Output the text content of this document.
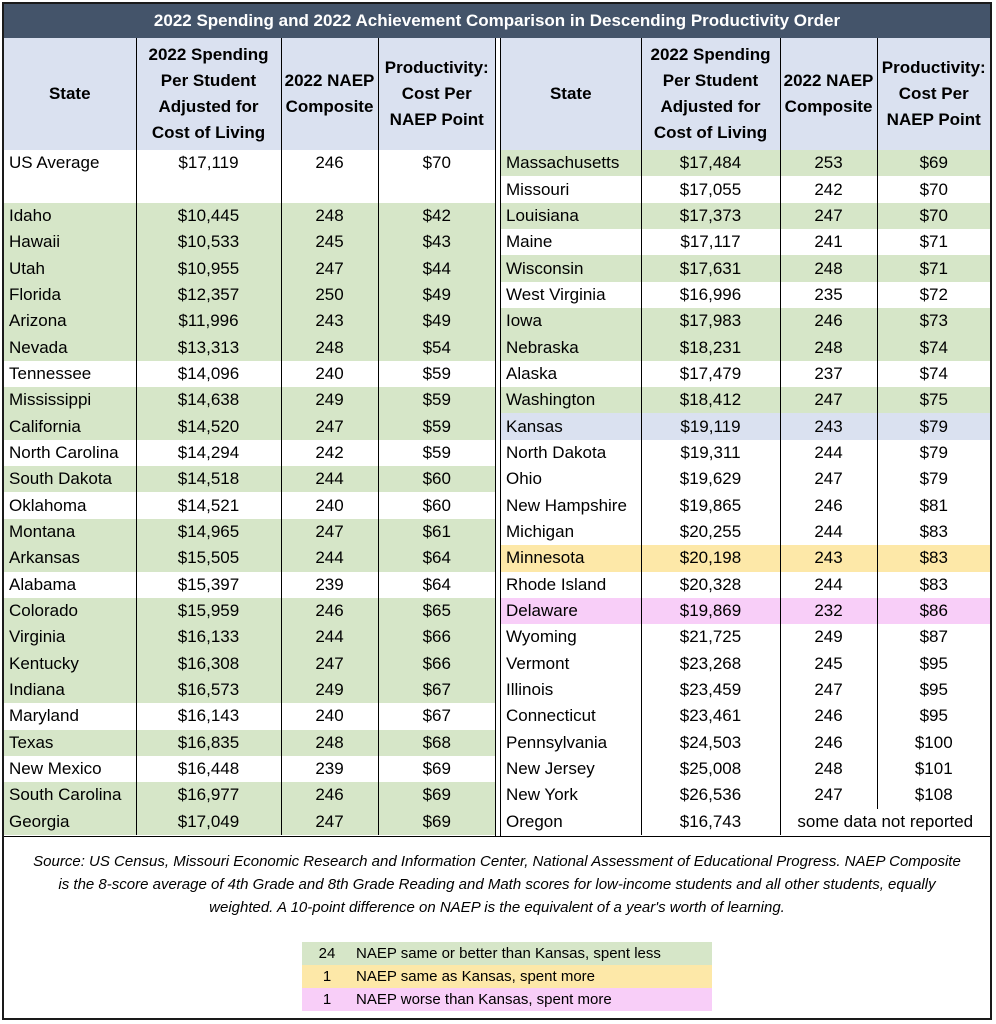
2022 Spending and 2022 Achievement Comparison in Descending Productivity Order
State	2022 Spending Per Student Adjusted for Cost of Living	2022 NAEP Composite	Productivity: Cost Per NAEP Point
US Average	$17,119	246	$70

Idaho	$10,445	248	$42
Hawaii	$10,533	245	$43
Utah	$10,955	247	$44
Florida	$12,357	250	$49
Arizona	$11,996	243	$49
Nevada	$13,313	248	$54
Tennessee	$14,096	240	$59
Mississippi	$14,638	249	$59
California	$14,520	247	$59
North Carolina	$14,294	242	$59
South Dakota	$14,518	244	$60
Oklahoma	$14,521	240	$60
Montana	$14,965	247	$61
Arkansas	$15,505	244	$64
Alabama	$15,397	239	$64
Colorado	$15,959	246	$65
Virginia	$16,133	244	$66
Kentucky	$16,308	247	$66
Indiana	$16,573	249	$67
Maryland	$16,143	240	$67
Texas	$16,835	248	$68
New Mexico	$16,448	239	$69
South Carolina	$16,977	246	$69
Georgia	$17,049	247	$69
State	2022 Spending Per Student Adjusted for Cost of Living	2022 NAEP Composite	Productivity: Cost Per NAEP Point
Massachusetts	$17,484	253	$69
Missouri	$17,055	242	$70
Louisiana	$17,373	247	$70
Maine	$17,117	241	$71
Wisconsin	$17,631	248	$71
West Virginia	$16,996	235	$72
Iowa	$17,983	246	$73
Nebraska	$18,231	248	$74
Alaska	$17,479	237	$74
Washington	$18,412	247	$75
Kansas	$19,119	243	$79
North Dakota	$19,311	244	$79
Ohio	$19,629	247	$79
New Hampshire	$19,865	246	$81
Michigan	$20,255	244	$83
Minnesota	$20,198	243	$83
Rhode Island	$20,328	244	$83
Delaware	$19,869	232	$86
Wyoming	$21,725	249	$87
Vermont	$23,268	245	$95
Illinois	$23,459	247	$95
Connecticut	$23,461	246	$95
Pennsylvania	$24,503	246	$100
New Jersey	$25,008	248	$101
New York	$26,536	247	$108
Oregon	$16,743	some data not reported	
Source: US Census, Missouri Economic Research and Information Center, National Assessment of Educational Progress. NAEP Composite is the 8-score average of 4th Grade and 8th Grade Reading and Math scores for low-income students and all other students, equally weighted. A 10-point difference on NAEP is the equivalent of a year's worth of learning.
24	NAEP same or better than Kansas, spent less
1	NAEP same as Kansas, spent more
1	NAEP worse than Kansas, spent more
